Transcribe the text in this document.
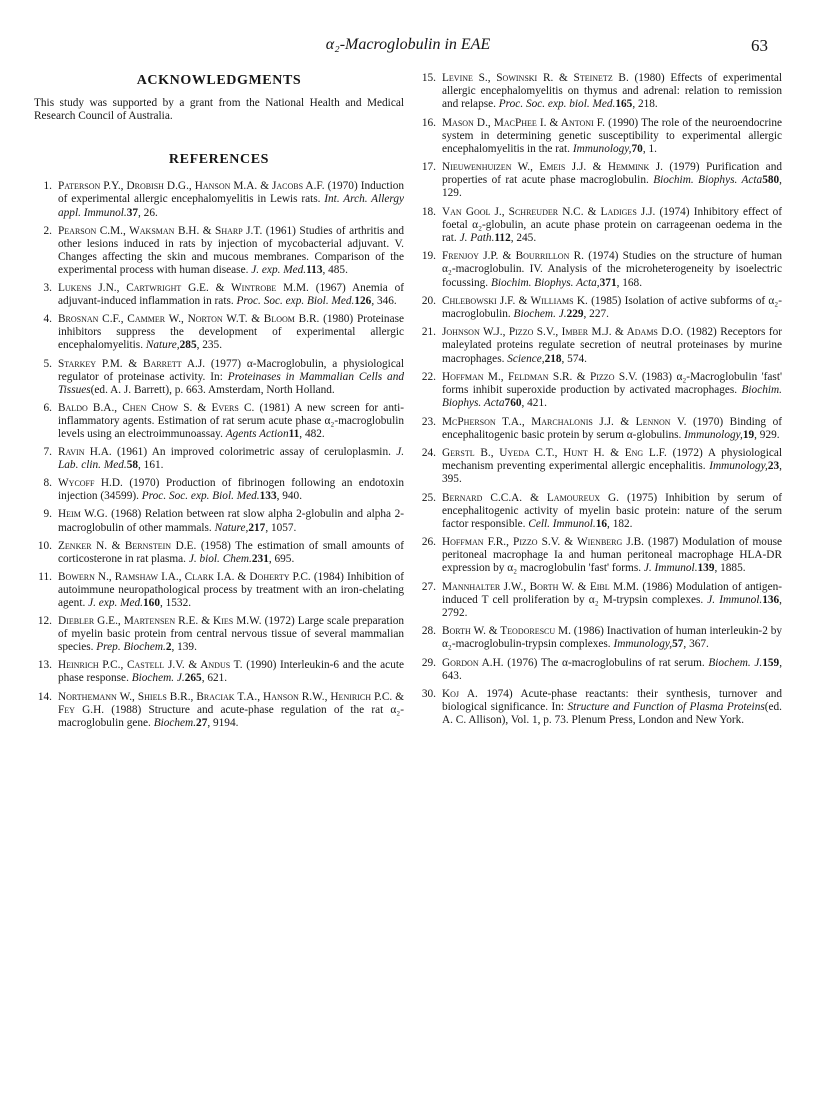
α₂-Macroglobulin in EAE	63
ACKNOWLEDGMENTS

This study was supported by a grant from the National Health and Medical Research Council of Australia.

REFERENCES
1. Paterson P.Y., Drobish D.G., Hanson M.A. & Jacobs A.F. (1970) Induction of experimental allergic encephalomyelitis in Lewis rats. Int. Arch. Allergy appl. Immunol.37, 26.
2. Pearson C.M., Waksman B.H. & Sharp J.T. (1961) Studies of arthritis and other lesions induced in rats by injection of mycobacterial adjuvant. V. Changes affecting the skin and mucous membranes. Comparison of the experimental process with human disease. J. exp. Med.113, 485.
3. Lukens J.N., Cartwright G.E. & Wintrobe M.M. (1967) Anemia of adjuvant-induced inflammation in rats. Proc. Soc. exp. Biol. Med.126, 346.
4. Brosnan C.F., Cammer W., Norton W.T. & Bloom B.R. (1980) Proteinase inhibitors suppress the development of experimental allergic encephalomyelitis. Nature,285, 235.
5. Starkey P.M. & Barrett A.J. (1977) α-Macroglobulin, a physiological regulator of proteinase activity. In: Proteinases in Mammalian Cells and Tissues(ed. A. J. Barrett), p. 663. Amsterdam, North Holland.
6. Baldo B.A., Chen Chow S. & Evers C. (1981) A new screen for anti-inflammatory agents. Estimation of rat serum acute phase α₂-macroglobulin levels using an electroimmunoassay. Agents Action11, 482.
7. Ravin H.A. (1961) An improved colorimetric assay of ceruloplasmin. J. Lab. clin. Med.58, 161.
8. Wycoff H.D. (1970) Production of fibrinogen following an endotoxin injection (34599). Proc. Soc. exp. Biol. Med.133, 940.
9. Heim W.G. (1968) Relation between rat slow alpha 2-globulin and alpha 2-macroglobulin of other mammals. Nature,217, 1057.
10. Zenker N. & Bernstein D.E. (1958) The estimation of small amounts of corticosterone in rat plasma. J. biol. Chem.231, 695.
11. Bowern N., Ramshaw I.A., Clark I.A. & Doherty P.C. (1984) Inhibition of autoimmune neuropathological process by treatment with an iron-chelating agent. J. exp. Med.160, 1532.
12. Diebler G.E., Martensen R.E. & Kies M.W. (1972) Large scale preparation of myelin basic protein from central nervous tissue of several mammalian species. Prep. Biochem.2, 139.
13. Heinrich P.C., Castell J.V. & Andus T. (1990) Interleukin-6 and the acute phase response. Biochem. J.265, 621.
14. Northemann W., Shiels B.R., Braciak T.A., Hanson R.W., Henirich P.C. & Fey G.H. (1988) Structure and acute-phase regulation of the rat α₂-macroglobulin gene. Biochem.27, 9194.
15. Levine S., Sowinski R. & Steinetz B. (1980) Effects of experimental allergic encephalomyelitis on thymus and adrenal: relation to remission and relapse. Proc. Soc. exp. biol. Med.165, 218.
16. Mason D., MacPhee I. & Antoni F. (1990) The role of the neuroendocrine system in determining genetic susceptibility to experimental allergic encephalomyelitis in the rat. Immunology,70, 1.
17. Nieuwenhuizen W., Emeis J.J. & Hemmink J. (1979) Purification and properties of rat acute phase macroglobulin. Biochim. Biophys. Acta580, 129.
18. Van Gool J., Schreuder N.C. & Ladiges J.J. (1974) Inhibitory effect of foetal α₂-globulin, an acute phase protein on carrageenan oedema in the rat. J. Path.112, 245.
19. Frenjoy J.P. & Bourrillon R. (1974) Studies on the structure of human α₂-macroglobulin. IV. Analysis of the microheterogeneity by isoelectric focussing. Biochim. Biophys. Acta,371, 168.
20. Chlebowski J.F. & Williams K. (1985) Isolation of active subforms of α₂-macroglobulin. Biochem. J.229, 227.
21. Johnson W.J., Pizzo S.V., Imber M.J. & Adams D.O. (1982) Receptors for maleylated proteins regulate secretion of neutral proteinases by murine macrophages. Science,218, 574.
22. Hoffman M., Feldman S.R. & Pizzo S.V. (1983) α₂-Macroglobulin 'fast' forms inhibit superoxide production by activated macrophages. Biochim. Biophys. Acta760, 421.
23. McPherson T.A., Marchalonis J.J. & Lennon V. (1970) Binding of encephalitogenic basic protein by serum α-globulins. Immunology,19, 929.
24. Gerstl B., Uyeda C.T., Hunt H. & Eng L.F. (1972) A physiological mechanism preventing experimental allergic encephalitis. Immunology,23, 395.
25. Bernard C.C.A. & Lamoureux G. (1975) Inhibition by serum of encephalitogenic activity of myelin basic protein: nature of the serum factor responsible. Cell. Immunol.16, 182.
26. Hoffman F.R., Pizzo S.V. & Wienberg J.B. (1987) Modulation of mouse peritoneal macrophage Ia and human peritoneal macrophage HLA-DR expression by α₂ macroglobulin 'fast' forms. J. Immunol.139, 1885.
27. Mannhalter J.W., Borth W. & Eibl M.M. (1986) Modulation of antigen-induced T cell proliferation by α₂ M-trypsin complexes. J. Immunol.136, 2792.
28. Borth W. & Teodorescu M. (1986) Inactivation of human interleukin-2 by α₂-macroglobulin-trypsin complexes. Immunology,57, 367.
29. Gordon A.H. (1976) The α-macroglobulins of rat serum. Biochem. J.159, 643.
30. Koj A. 1974) Acute-phase reactants: their synthesis, turnover and biological significance. In: Structure and Function of Plasma Proteins(ed. A. C. Allison), Vol. 1, p. 73. Plenum Press, London and New York.
